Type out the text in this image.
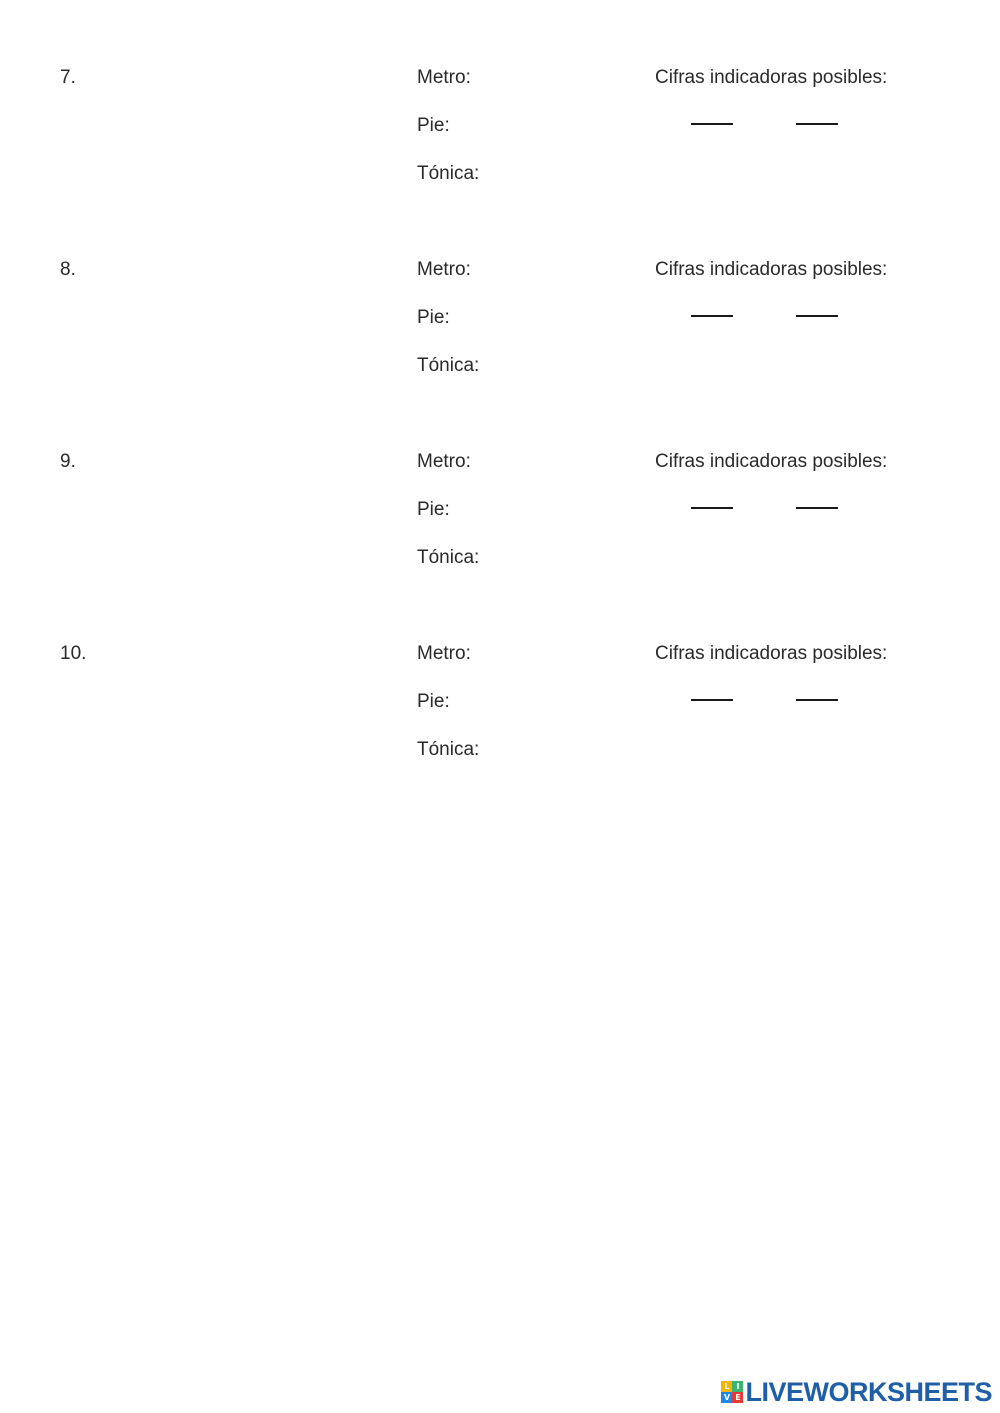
7.	Metro:
Pie:
Tónica:
Cifras indicadoras posibles:
8.	Metro:
Pie:
Tónica:
Cifras indicadoras posibles:
9.	Metro:
Pie:
Tónica:
Cifras indicadoras posibles:
10.	Metro:
Pie:
Tónica:
Cifras indicadoras posibles:
L I
V E LIVEWORKSHEETS
